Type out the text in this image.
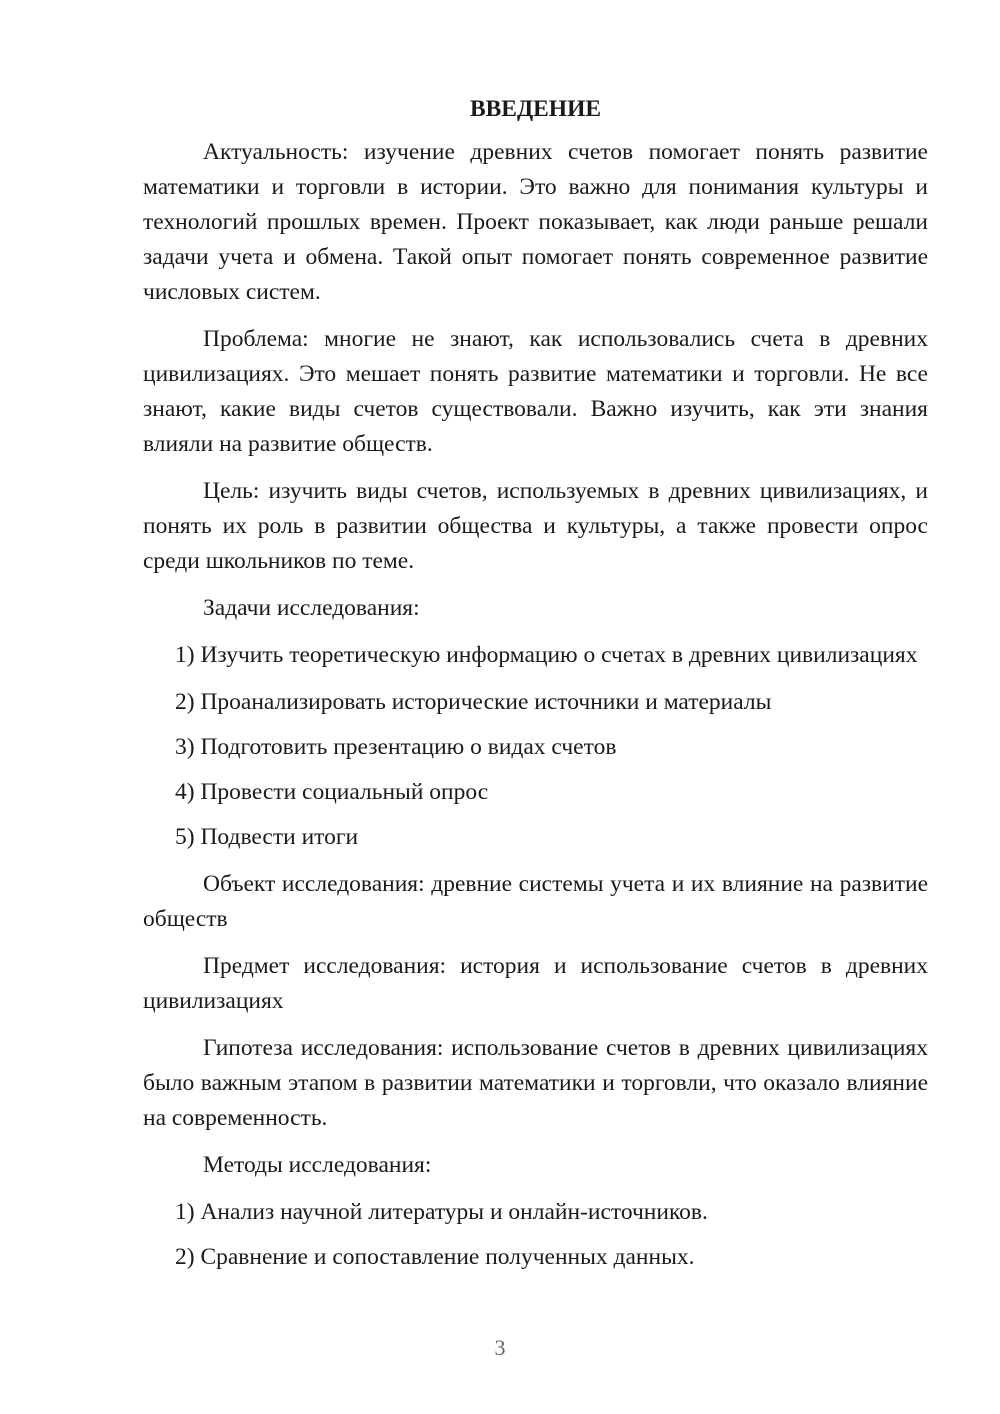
ВВЕДЕНИЕ

Актуальность: изучение древних счетов помогает понять развитие математики и торговли в истории. Это важно для понимания культуры и технологий прошлых времен. Проект показывает, как люди раньше решали задачи учета и обмена. Такой опыт помогает понять современное развитие числовых систем.

Проблема: многие не знают, как использовались счета в древних цивилизациях. Это мешает понять развитие математики и торговли. Не все знают, какие виды счетов существовали. Важно изучить, как эти знания влияли на развитие обществ.

Цель: изучить виды счетов, используемых в древних цивилизациях, и понять их роль в развитии общества и культуры, а также провести опрос среди школьников по теме.

Задачи исследования:

1) Изучить теоретическую информацию о счетах в древних цивилизациях

2) Проанализировать исторические источники и материалы

3) Подготовить презентацию о видах счетов

4) Провести социальный опрос

5) Подвести итоги

Объект исследования: древние системы учета и их влияние на развитие обществ

Предмет исследования: история и использование счетов в древних цивилизациях

Гипотеза исследования: использование счетов в древних цивилизациях было важным этапом в развитии математики и торговли, что оказало влияние на современность.

Методы исследования:

1) Анализ научной литературы и онлайн-источников.

2) Сравнение и сопоставление полученных данных.

3
